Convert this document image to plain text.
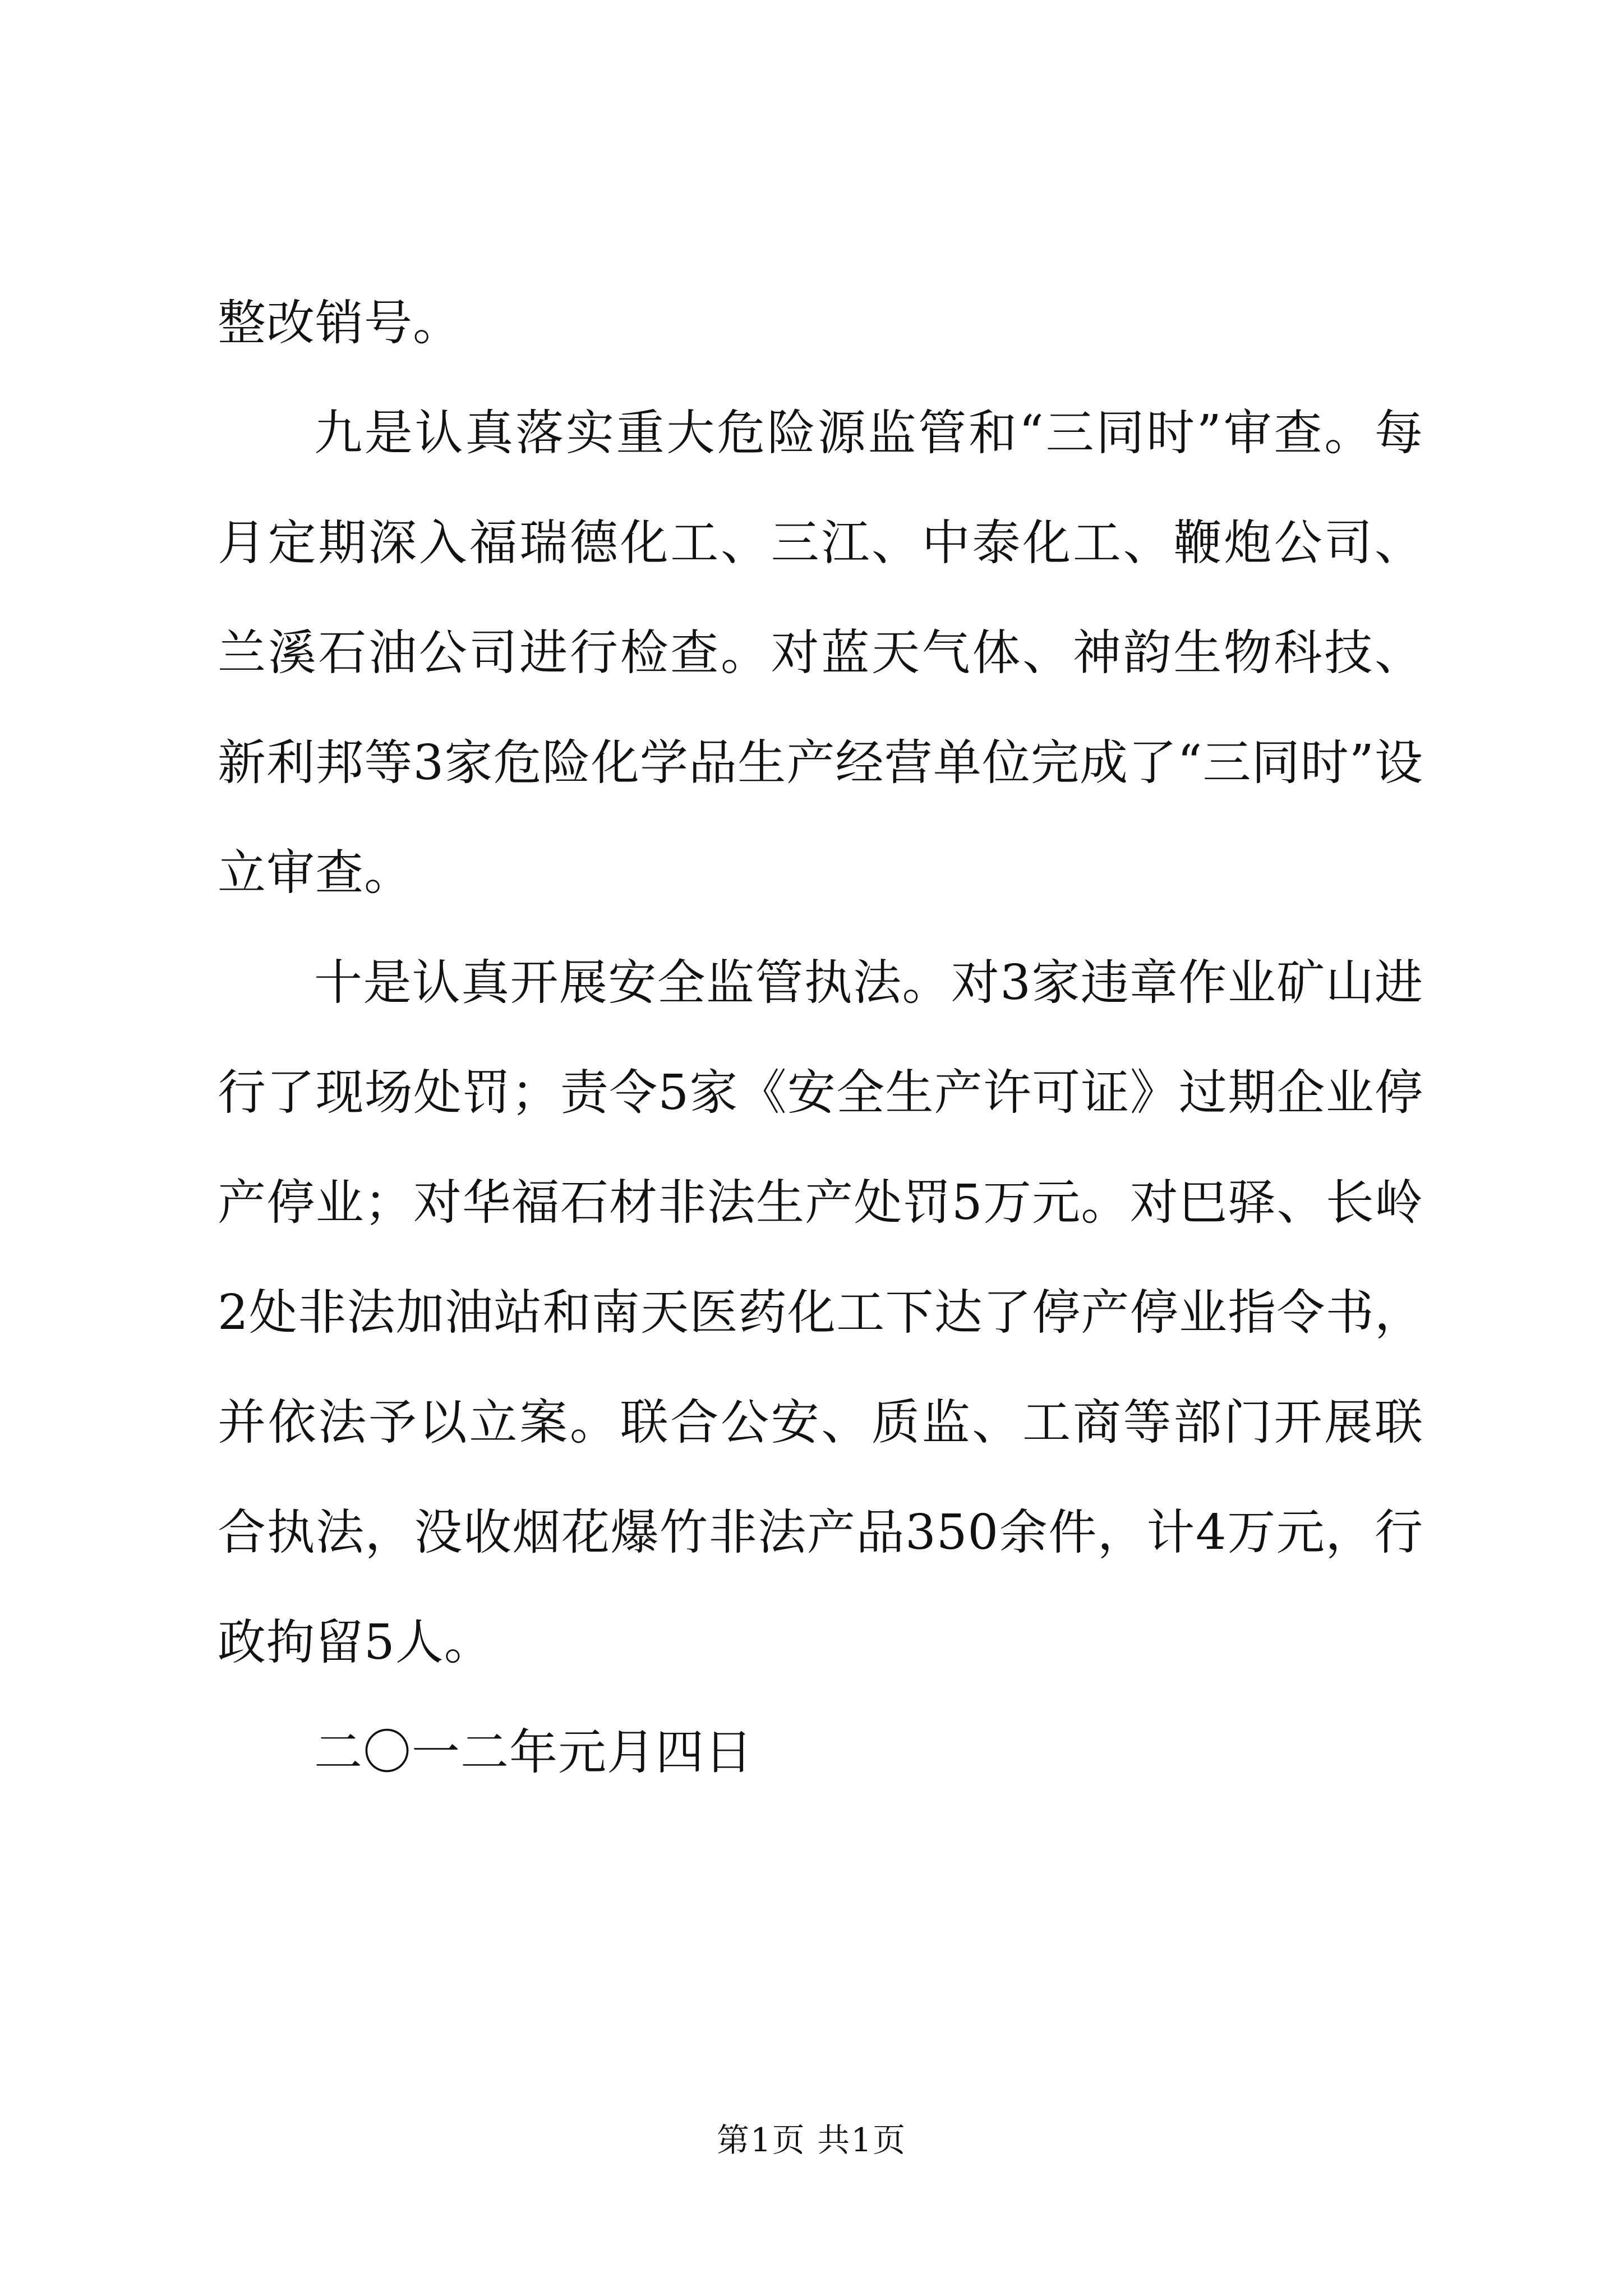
整改销号。

九是认真落实重大危险源监管和“三同时”审查。每月定期深入福瑞德化工、三江、中泰化工、鞭炮公司、兰溪石油公司进行检查。对蓝天气体、神韵生物科技、新利邦等3家危险化学品生产经营单位完成了“三同时”设立审查。

十是认真开展安全监管执法。对3家违章作业矿山进行了现场处罚；责令5家《安全生产许可证》过期企业停产停业；对华福石材非法生产处罚5万元。对巴驿、长岭2处非法加油站和南天医药化工下达了停产停业指令书，并依法予以立案。联合公安、质监、工商等部门开展联合执法，没收烟花爆竹非法产品350余件，计4万元，行政拘留5人。

二〇一二年元月四日

第1页 共1页
